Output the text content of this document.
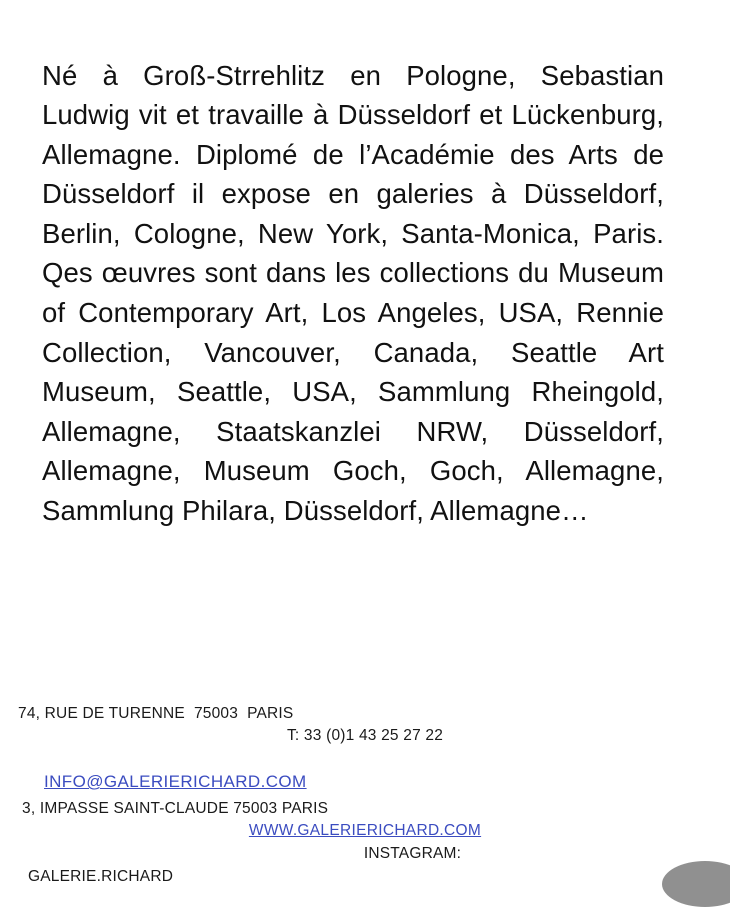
Né à Groß-Strrehlitz en Pologne, Sebastian Ludwig vit et travaille à Düsseldorf et Lückenburg, Allemagne. Diplomé de l’Académie des Arts de Düsseldorf il expose en galeries à Düsseldorf, Berlin, Cologne, New York, Santa-Monica, Paris. Qes œuvres sont dans les collections du Museum of Contemporary Art, Los Angeles, USA, Rennie Collection, Vancouver, Canada, Seattle Art Museum, Seattle, USA, Sammlung Rheingold, Allemagne, Staatskanzlei NRW, Düsseldorf, Allemagne, Museum Goch, Goch, Allemagne, Sammlung Philara, Düsseldorf, Allemagne…

74, RUE DE TURENNE  75003  PARIS
T: 33 (0)1 43 25 27 22
INFO@GALERIERICHARD.COM
3, IMPASSE SAINT-CLAUDE 75003 PARIS
WWW.GALERIERICHARD.COM
INSTAGRAM:
GALERIE.RICHARD
